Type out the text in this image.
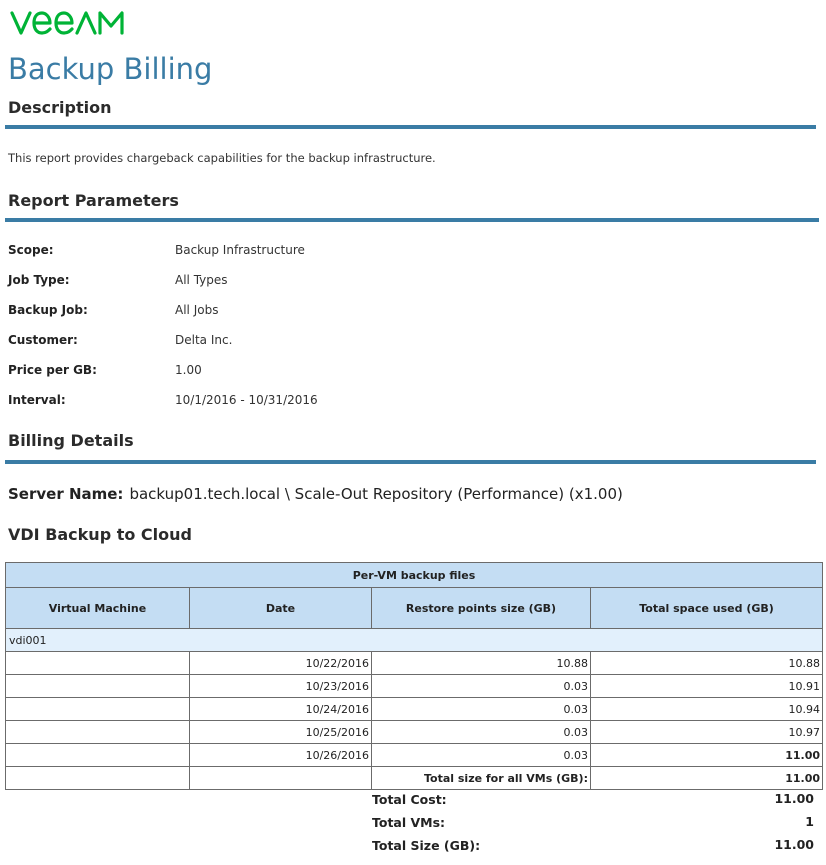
Backup Billing
Description
This report provides chargeback capabilities for the backup infrastructure.
Report Parameters
Scope:	Backup Infrastructure
Job Type:	All Types
Backup Job:	All Jobs
Customer:	Delta Inc.
Price per GB:	1.00
Interval:	10/1/2016 - 10/31/2016
Billing Details
Server Name: backup01.tech.local \ Scale-Out Repository (Performance) (x1.00)
VDI Backup to Cloud
Per-VM backup files			
Virtual Machine	Date	Restore points size (GB)	Total space used (GB)
vdi001			
	10/22/2016	10.88	10.88
	10/23/2016	0.03	10.91
	10/24/2016	0.03	10.94
	10/25/2016	0.03	10.97
	10/26/2016	0.03	11.00
		Total size for all VMs (GB):	11.00
Total Cost:	11.00
Total VMs:	1
Total Size (GB):	11.00
